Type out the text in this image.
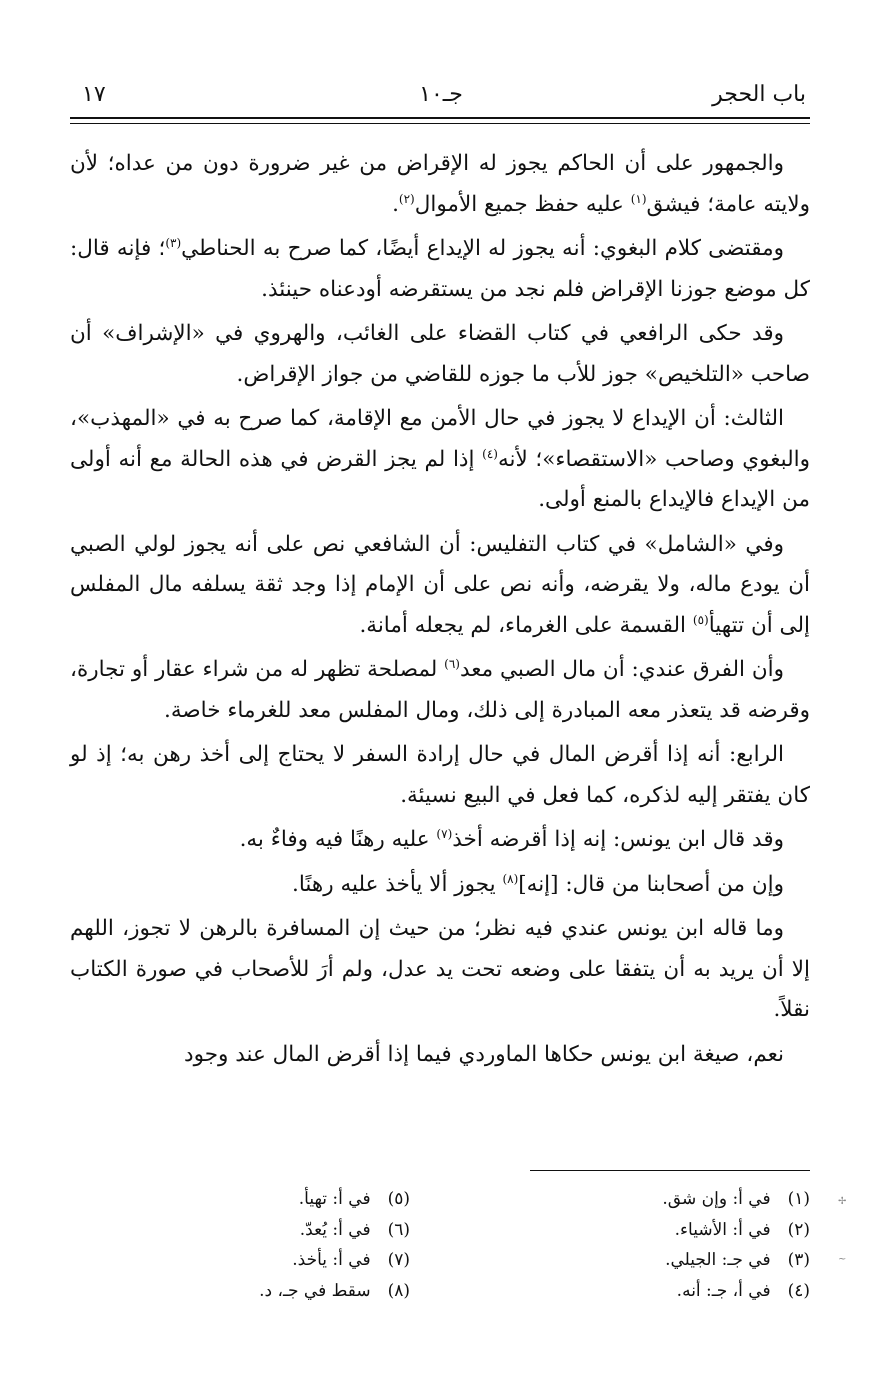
باب الحجر
جـ١٠
١٧

والجمهور على أن الحاكم يجوز له الإقراض من غير ضرورة دون من عداه؛ لأن ولايته عامة؛ فيشق$^{(١)}$ عليه حفظ جميع الأموال$^{(٢)}$.

ومقتضى كلام البغوي: أنه يجوز له الإيداع أيضًا، كما صرح به الحناطي$^{(٣)}$؛ فإنه قال: كل موضع جوزنا الإقراض فلم نجد من يستقرضه أودعناه حينئذ.

وقد حكى الرافعي في كتاب القضاء على الغائب، والهروي في «الإشراف» أن صاحب «التلخيص» جوز للأب ما جوزه للقاضي من جواز الإقراض.

الثالث: أن الإيداع لا يجوز في حال الأمن مع الإقامة، كما صرح به في «المهذب»، والبغوي وصاحب «الاستقصاء»؛ لأنه$^{(٤)}$ إذا لم يجز القرض في هذه الحالة مع أنه أولى من الإيداع فالإيداع بالمنع أولى.

وفي «الشامل» في كتاب التفليس: أن الشافعي نص على أنه يجوز لولي الصبي أن يودع ماله، ولا يقرضه، وأنه نص على أن الإمام إذا وجد ثقة يسلفه مال المفلس إلى أن تتهيأ$^{(٥)}$ القسمة على الغرماء، لم يجعله أمانة.

وأن الفرق عندي: أن مال الصبي معد$^{(٦)}$ لمصلحة تظهر له من شراء عقار أو تجارة، وقرضه قد يتعذر معه المبادرة إلى ذلك، ومال المفلس معد للغرماء خاصة.

الرابع: أنه إذا أقرض المال في حال إرادة السفر لا يحتاج إلى أخذ رهن به؛ إذ لو كان يفتقر إليه لذكره، كما فعل في البيع نسيئة.

وقد قال ابن يونس: إنه إذا أقرضه أخذ$^{(٧)}$ عليه رهنًا فيه وفاءٌ به.

وإن من أصحابنا من قال: [إنه]$^{(٨)}$ يجوز ألا يأخذ عليه رهنًا.

وما قاله ابن يونس عندي فيه نظر؛ من حيث إن المسافرة بالرهن لا تجوز، اللهم إلا أن يريد به أن يتفقا على وضعه تحت يد عدل، ولم أرَ للأصحاب في صورة الكتاب نقلاً.

نعم، صيغة ابن يونس حكاها الماوردي فيما إذا أقرض المال عند وجود

(١) في أ: وإن شق.
(٢) في أ: الأشياء.
(٣) في جـ: الجيلي.
(٤) في أ، جـ: أنه.
(٥) في أ: تهيأ.
(٦) في أ: يُعدّ.
(٧) في أ: يأخذ.
(٨) سقط في جـ، د.
✢
~
